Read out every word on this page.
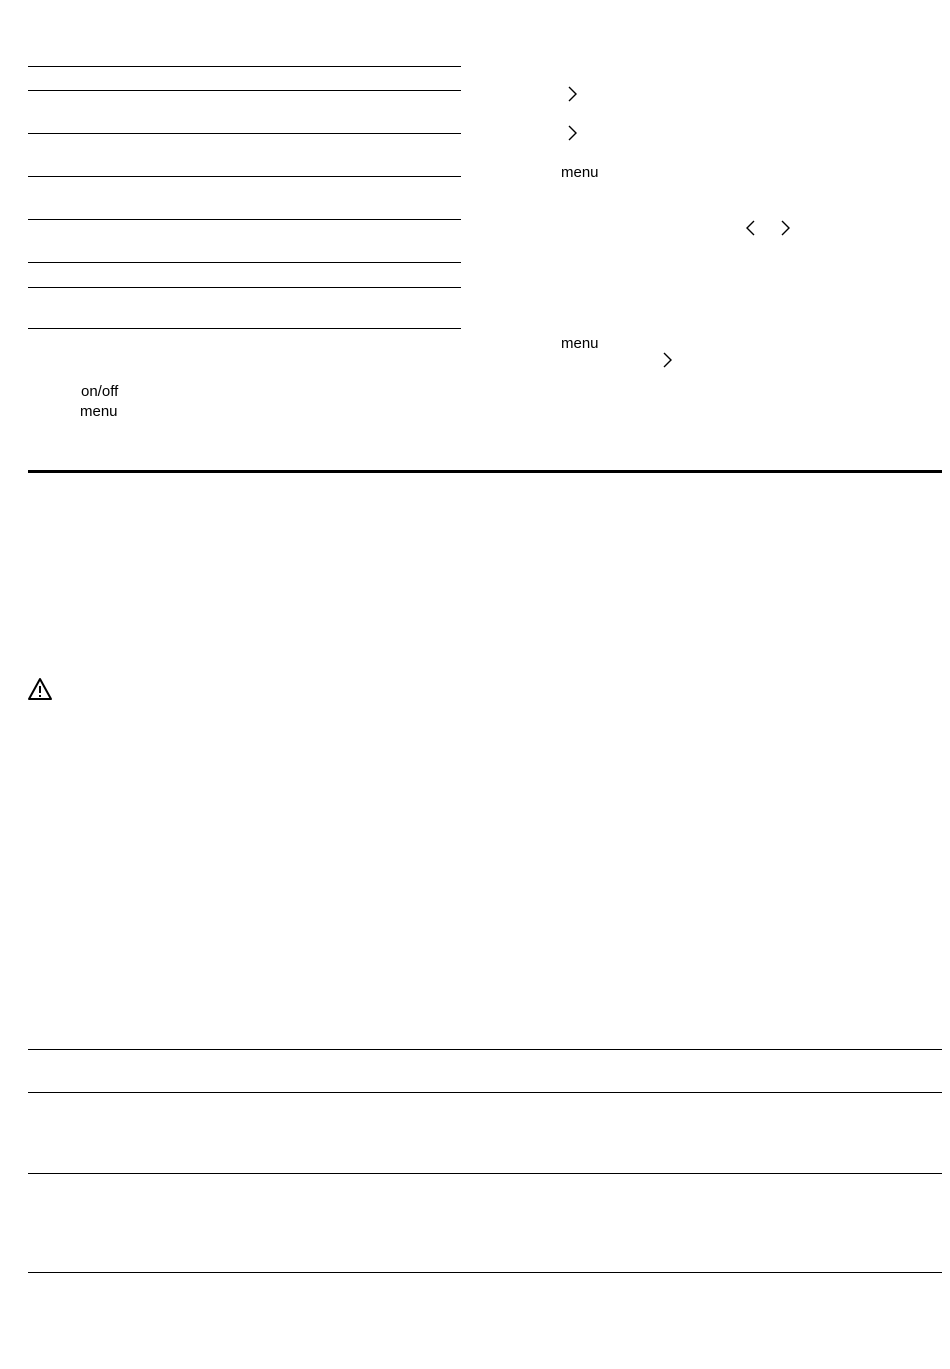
on/off
menu
menu
menu
